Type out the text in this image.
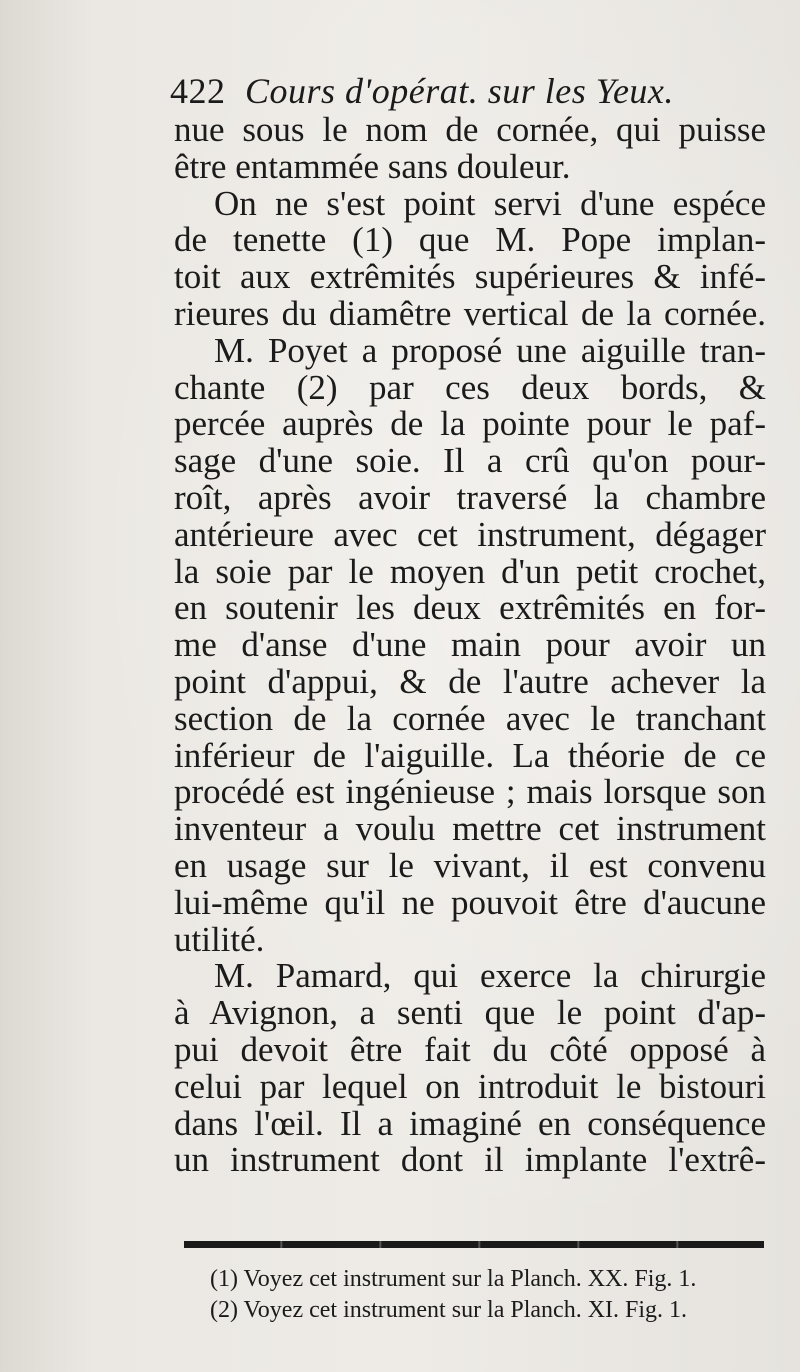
422 Cours d'opérat. sur les Yeux.
nue sous le nom de cornée, qui puisse
être entammée sans douleur.
On ne s'est point servi d'une espéce
de tenette (1) que M. Pope implan-
toit aux extrêmités supérieures & infé-
rieures du diamêtre vertical de la cornée.
M. Poyet a proposé une aiguille tran-
chante (2) par ces deux bords, &
percée auprès de la pointe pour le paf-
sage d'une soie. Il a crû qu'on pour-
roît, après avoir traversé la chambre
antérieure avec cet instrument, dégager
la soie par le moyen d'un petit crochet,
en soutenir les deux extrêmités en for-
me d'anse d'une main pour avoir un
point d'appui, & de l'autre achever la
section de la cornée avec le tranchant
inférieur de l'aiguille. La théorie de ce
procédé est ingénieuse ; mais lorsque son
inventeur a voulu mettre cet instrument
en usage sur le vivant, il est convenu
lui-même qu'il ne pouvoit être d'aucune
utilité.
M. Pamard, qui exerce la chirurgie
à Avignon, a senti que le point d'ap-
pui devoit être fait du côté opposé à
celui par lequel on introduit le bistouri
dans l'œil. Il a imaginé en conséquence
un instrument dont il implante l'extrê-
(1) Voyez cet instrument sur la Planch. XX. Fig. 1.
(2) Voyez cet instrument sur la Planch. XI. Fig. 1.
